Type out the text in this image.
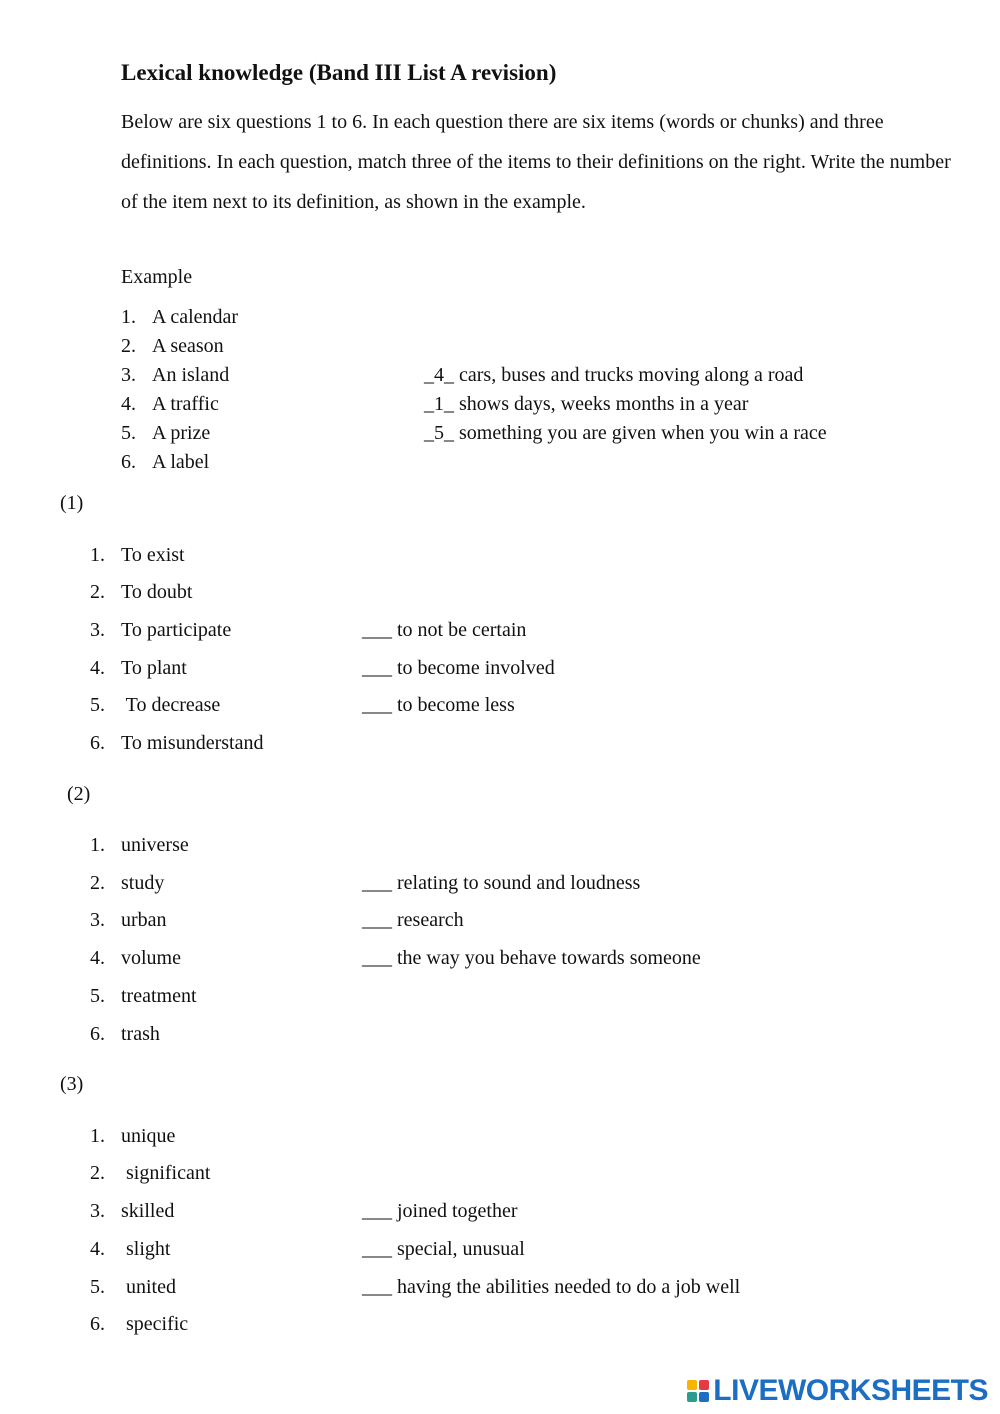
Lexical knowledge (Band III List A revision)
Below are six questions 1 to 6. In each question there are six items (words or chunks) and three definitions. In each question, match three of the items to their definitions on the right. Write the number of the item next to its definition, as shown in the example.
Example
1. A calendar
2. A season
3. An island
4. A traffic
5. A prize
6. A label
_4_ cars, buses and trucks moving along a road
_1_ shows days, weeks months in a year
_5_ something you are given when you win a race
(1)
1. To exist
2. To doubt
3. To participate
4. To plant
5. To decrease
6. To misunderstand
___ to not be certain
___ to become involved
___ to become less
(2)
1. universe
2. study
3. urban
4. volume
5. treatment
6. trash
___ relating to sound and loudness
___ research
___ the way you behave towards someone
(3)
1. unique
2. significant
3. skilled
4. slight
5. united
6. specific
___ joined together
___ special, unusual
___ having the abilities needed to do a job well
LIVEWORKSHEETS
